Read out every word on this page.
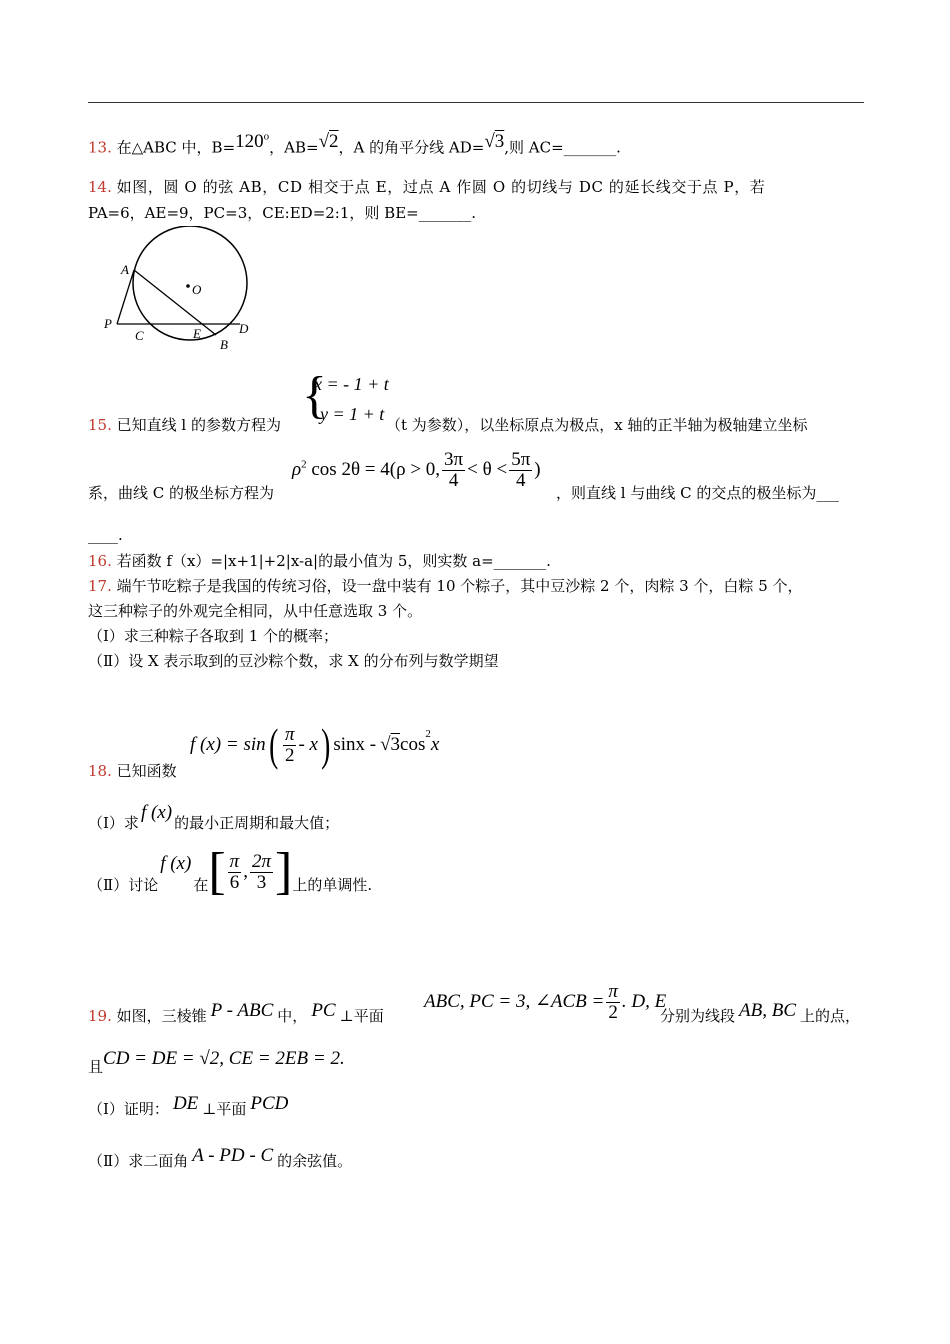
13. 在△ABC 中，$B=120^o$，AB=√2，A 的角平分线 AD=√3,则 AC=_______.
14. 如图，圆 O 的弦 AB，CD 相交于点 E，过点 A 作圆 O 的切线与 DC 的延长线交于点 P，若
PA=6，AE=9，PC=3，CE:ED=2:1，则 BE=_______.
A
O
P
C	E
B
D
{
x = - 1 + t
y = 1 + t
15. 已知直线 l 的参数方程为	（t 为参数），以坐标原点为极点，x 轴的正半轴为极轴建立坐标
$\rho^2$ cos 2θ = 4(ρ > 0, $\frac{3\pi}{4} < \theta < \frac{5\pi}{4}$ )
系，曲线 C 的极坐标方程为	，则直线 l 与曲线 C 的交点的极坐标为___
____.
16. 若函数 f（x）=|x+1|+2|x-a|的最小值为 5，则实数 a=_______.
17. 端午节吃粽子是我国的传统习俗，设一盘中装有 10 个粽子，其中豆沙粽 2 个，肉粽 3 个，白粽 5 个，
这三种粽子的外观完全相同，从中任意选取 3 个。
（Ⅰ）求三种粽子各取到 1 个的概率；
（Ⅱ）设 X 表示取到的豆沙粽个数，求 X 的分布列与数学期望
f (x) = sin ( $\frac{\pi}{2}$ - x ) sinx - √3 $\cos^2 x$
18. 已知函数
（Ⅰ）求 f (x) 的最小正周期和最大值；
（Ⅱ）讨论
f (x)
在 [ $\frac{\pi}{6}$ , $\frac{2\pi}{3}$ ] 上的单调性.
19. 如图，三棱锥 P - ABC 中， PC ⊥平面
ABC, PC = 3, ∠ACB = $\frac{\pi}{2}$ . D, E
分别为线段 AB, BC 上的点，
且CD = DE = √2, CE = 2EB = 2.
（Ⅰ）证明： DE ⊥平面 PCD
（Ⅱ）求二面角 A - PD - C 的余弦值。
